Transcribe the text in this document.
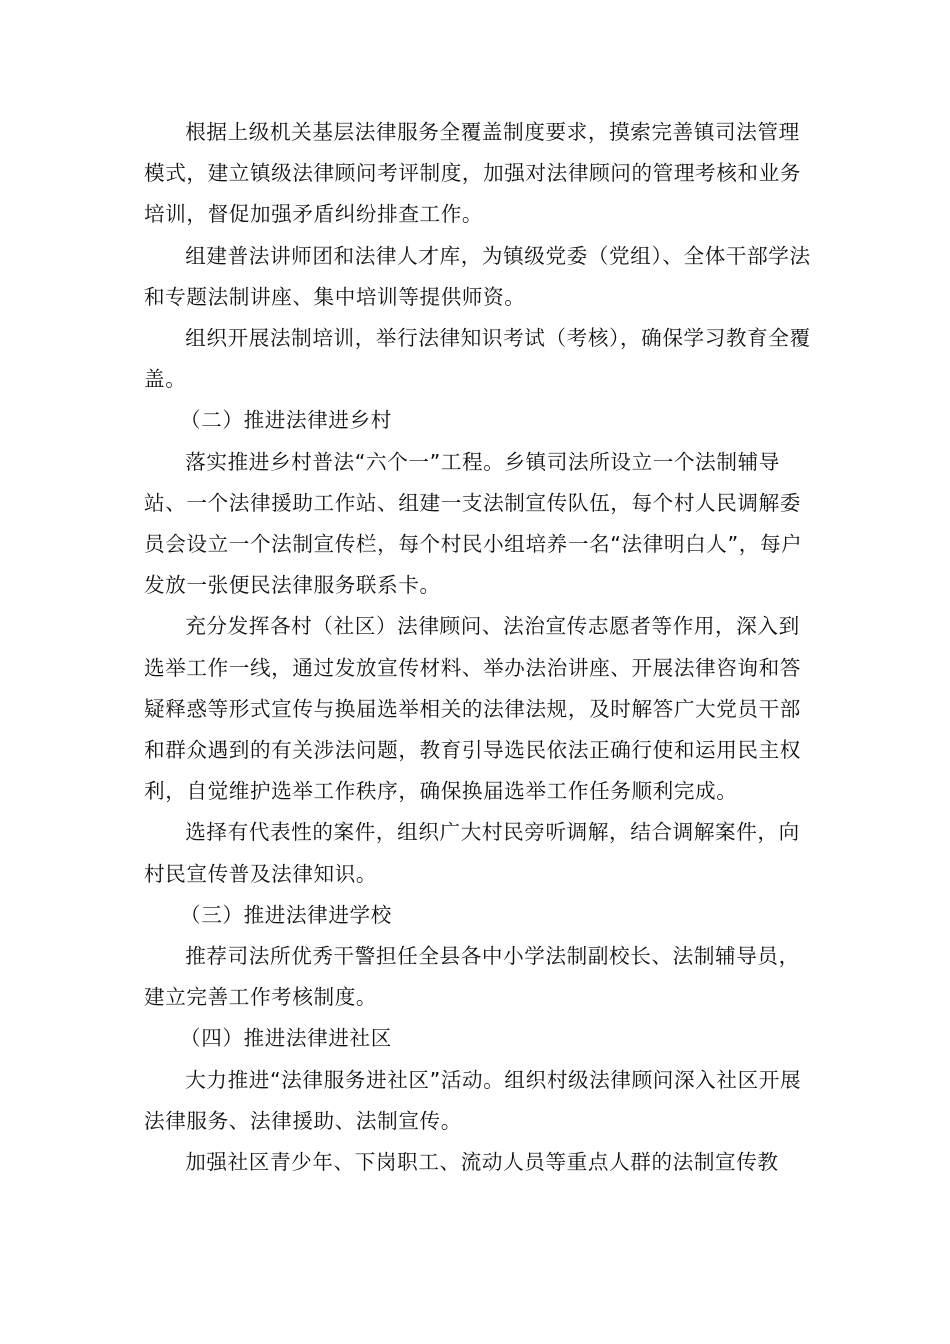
根据上级机关基层法律服务全覆盖制度要求，摸索完善镇司法管理模式，建立镇级法律顾问考评制度，加强对法律顾问的管理考核和业务培训，督促加强矛盾纠纷排查工作。

组建普法讲师团和法律人才库，为镇级党委（党组）、全体干部学法和专题法制讲座、集中培训等提供师资。

组织开展法制培训，举行法律知识考试（考核），确保学习教育全覆盖。

（二）推进法律进乡村

落实推进乡村普法“六个一”工程。乡镇司法所设立一个法制辅导站、一个法律援助工作站、组建一支法制宣传队伍，每个村人民调解委员会设立一个法制宣传栏，每个村民小组培养一名“法律明白人”，每户发放一张便民法律服务联系卡。

充分发挥各村（社区）法律顾问、法治宣传志愿者等作用，深入到选举工作一线，通过发放宣传材料、举办法治讲座、开展法律咨询和答疑释惑等形式宣传与换届选举相关的法律法规，及时解答广大党员干部和群众遇到的有关涉法问题，教育引导选民依法正确行使和运用民主权利，自觉维护选举工作秩序，确保换届选举工作任务顺利完成。

选择有代表性的案件，组织广大村民旁听调解，结合调解案件，向村民宣传普及法律知识。

（三）推进法律进学校

推荐司法所优秀干警担任全县各中小学法制副校长、法制辅导员，建立完善工作考核制度。

（四）推进法律进社区

大力推进“法律服务进社区”活动。组织村级法律顾问深入社区开展法律服务、法律援助、法制宣传。

加强社区青少年、下岗职工、流动人员等重点人群的法制宣传教
